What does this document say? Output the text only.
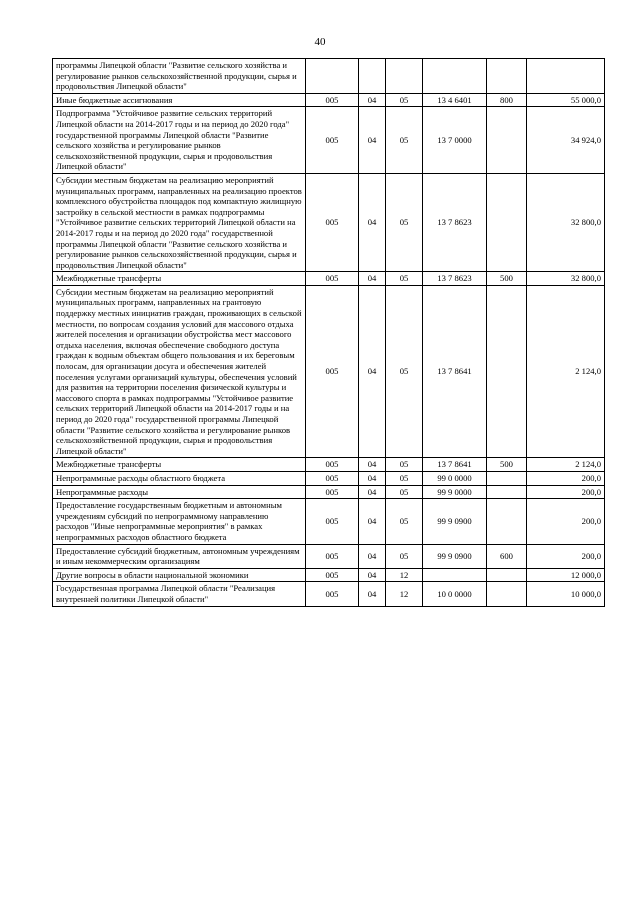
40
программы Липецкой области "Развитие сельского хозяйства и регулирование рынков сельскохозяйственной продукции, сырья и продовольствия Липецкой области"						
Иные бюджетные ассигнования	005	04	05	13 4 6401	800	55 000,0
Подпрограмма "Устойчивое развитие сельских территорий Липецкой области на 2014-2017 годы и на период до 2020 года" государственной программы Липецкой области "Развитие сельского хозяйства и регулирование рынков сельскохозяйственной продукции, сырья и продовольствия Липецкой области"	005	04	05	13 7 0000		34 924,0
Субсидии местным бюджетам на реализацию мероприятий муниципальных программ, направленных на реализацию проектов комплексного обустройства площадок под компактную жилищную застройку в сельской местности в рамках подпрограммы "Устойчивое развитие сельских территорий Липецкой области на 2014-2017 годы и на период до 2020 года" государственной программы Липецкой области "Развитие сельского хозяйства и регулирование рынков сельскохозяйственной продукции, сырья и продовольствия Липецкой области"	005	04	05	13 7 8623		32 800,0
Межбюджетные трансферты	005	04	05	13 7 8623	500	32 800,0
Субсидии местным бюджетам на реализацию мероприятий муниципальных программ, направленных на грантовую поддержку местных инициатив граждан, проживающих в сельской местности, по вопросам создания условий для массового отдыха жителей поселения и организации обустройства мест массового отдыха населения, включая обеспечение свободного доступа граждан к водным объектам общего пользования и их береговым полосам, для организации досуга и обеспечения жителей поселения услугами организаций культуры, обеспечения условий для развития на территории поселения физической культуры и массового спорта в рамках подпрограммы "Устойчивое развитие сельских территорий Липецкой области на 2014-2017 годы и на период до 2020 года" государственной программы Липецкой области "Развитие сельского хозяйства и регулирование рынков сельскохозяйственной продукции, сырья и продовольствия Липецкой области"	005	04	05	13 7 8641		2 124,0
Межбюджетные трансферты	005	04	05	13 7 8641	500	2 124,0
Непрограммные расходы областного бюджета	005	04	05	99 0 0000		200,0
Непрограммные расходы	005	04	05	99 9 0000		200,0
Предоставление государственным бюджетным и автономным учреждениям субсидий по непрограммному направлению расходов "Иные непрограммные мероприятия" в рамках непрограммных расходов областного бюджета	005	04	05	99 9 0900		200,0
Предоставление субсидий бюджетным, автономным учреждениям и иным некоммерческим организациям	005	04	05	99 9 0900	600	200,0
Другие вопросы в области национальной экономики	005	04	12			12 000,0
Государственная программа Липецкой области "Реализация внутренней политики Липецкой области"	005	04	12	10 0 0000		10 000,0
